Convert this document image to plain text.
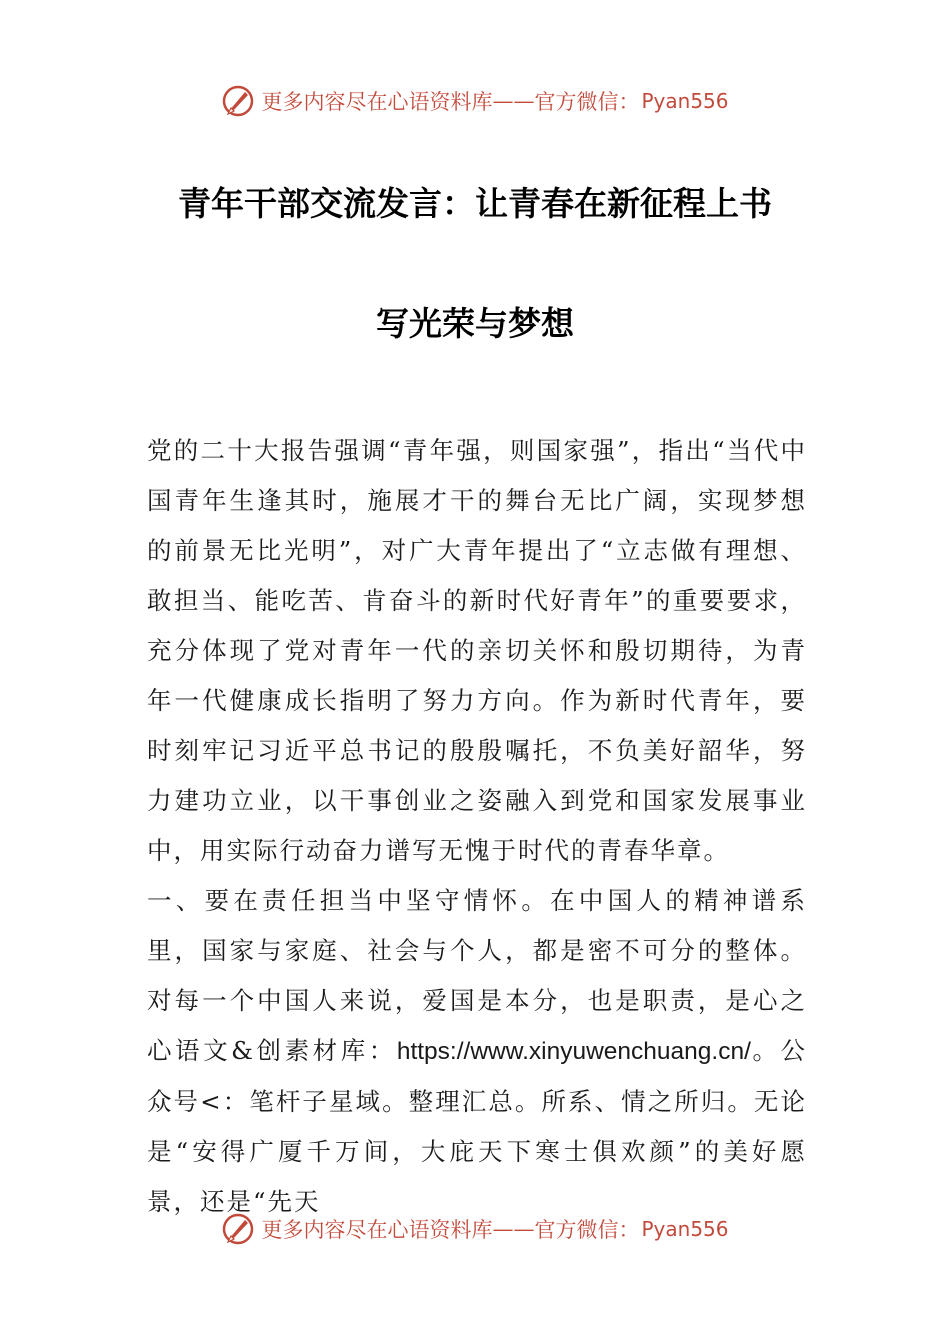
更多内容尽在心语资料库 —— 官方微信： Pyan556
青年干部交流发言：让青春在新征程上书
写光荣与梦想

党的二十大报告强调“青年强，则国家强”，指出“当代中国青年生逢其时，施展才干的舞台无比广阔，实现梦想的前景无比光明”，对广大青年提出了“立志做有理想、敢担当、能吃苦、肯奋斗的新时代好青年”的重要要求，充分体现了党对青年一代的亲切关怀和殷切期待，为青年一代健康成长指明了努力方向。作为新时代青年，要时刻牢记习近平总书记的殷殷嘱托，不负美好韶华，努力建功立业，以干事创业之姿融入到党和国家发展事业中，用实际行动奋力谱写无愧于时代的青春华章。

一、要在责任担当中坚守情怀。在中国人的精神谱系里，国家与家庭、社会与个人，都是密不可分的整体。对每一个中国人来说，爱国是本分，也是职责，是心之心语文&创素材库：https://www.xinyuwenchuang.cn/。公众号<：笔杆子星域。整理汇总。所系、情之所归。无论是“安得广厦千万间，大庇天下寒士俱欢颜”的美好愿景，还是“先天

更多内容尽在心语资料库 —— 官方微信： Pyan556
